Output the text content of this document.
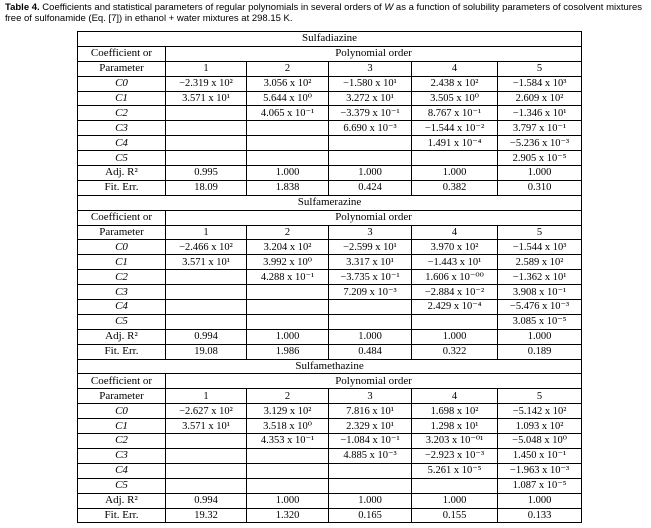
Table 4. Coefficients and statistical parameters of regular polynomials in several orders of W as a function of solubility parameters of cosolvent mixtures free of sulfonamide (Eq. [7]) in ethanol + water mixtures at 298.15 K.
Sulfadiazine					
Coefficient or	Polynomial order				
Parameter	1	2	3	4	5
C0	−2.319 x 10²	3.056 x 10²	−1.580 x 10¹	2.438 x 10²	−1.584 x 10³
C1	3.571 x 10¹	5.644 x 10⁰	3.272 x 10¹	3.505 x 10⁰	2.609 x 10²
C2		4.065 x 10⁻¹	−3.379 x 10⁻¹	8.767 x 10⁻¹	−1.346 x 10¹
C3			6.690 x 10⁻³	−1.544 x 10⁻²	3.797 x 10⁻¹
C4				1.491 x 10⁻⁴	−5.236 x 10⁻³
C5					2.905 x 10⁻⁵
Adj. R²	0.995	1.000	1.000	1.000	1.000
Fit. Err.	18.09	1.838	0.424	0.382	0.310
Sulfamerazine					
Coefficient or	Polynomial order				
Parameter	1	2	3	4	5
C0	−2.466 x 10²	3.204 x 10²	−2.599 x 10¹	3.970 x 10²	−1.544 x 10³
C1	3.571 x 10¹	3.992 x 10⁰	3.317 x 10¹	−1.443 x 10¹	2.589 x 10²
C2		4.288 x 10⁻¹	−3.735 x 10⁻¹	1.606 x 10⁻⁰⁰	−1.362 x 10¹
C3			7.209 x 10⁻³	−2.884 x 10⁻²	3.908 x 10⁻¹
C4				2.429 x 10⁻⁴	−5.476 x 10⁻³
C5					3.085 x 10⁻⁵
Adj. R²	0.994	1.000	1.000	1.000	1.000
Fit. Err.	19.08	1.986	0.484	0.322	0.189
Sulfamethazine					
Coefficient or	Polynomial order				
Parameter	1	2	3	4	5
C0	−2.627 x 10²	3.129 x 10²	7.816 x 10¹	1.698 x 10²	−5.142 x 10²
C1	3.571 x 10¹	3.518 x 10⁰	2.329 x 10¹	1.298 x 10¹	1.093 x 10²
C2		4.353 x 10⁻¹	−1.084 x 10⁻¹	3.203 x 10⁻⁰¹	−5.048 x 10⁰
C3			4.885 x 10⁻³	−2.923 x 10⁻³	1.450 x 10⁻¹
C4				5.261 x 10⁻⁵	−1.963 x 10⁻³
C5					1.087 x 10⁻⁵
Adj. R²	0.994	1.000	1.000	1.000	1.000
Fit. Err.	19.32	1.320	0.165	0.155	0.133
